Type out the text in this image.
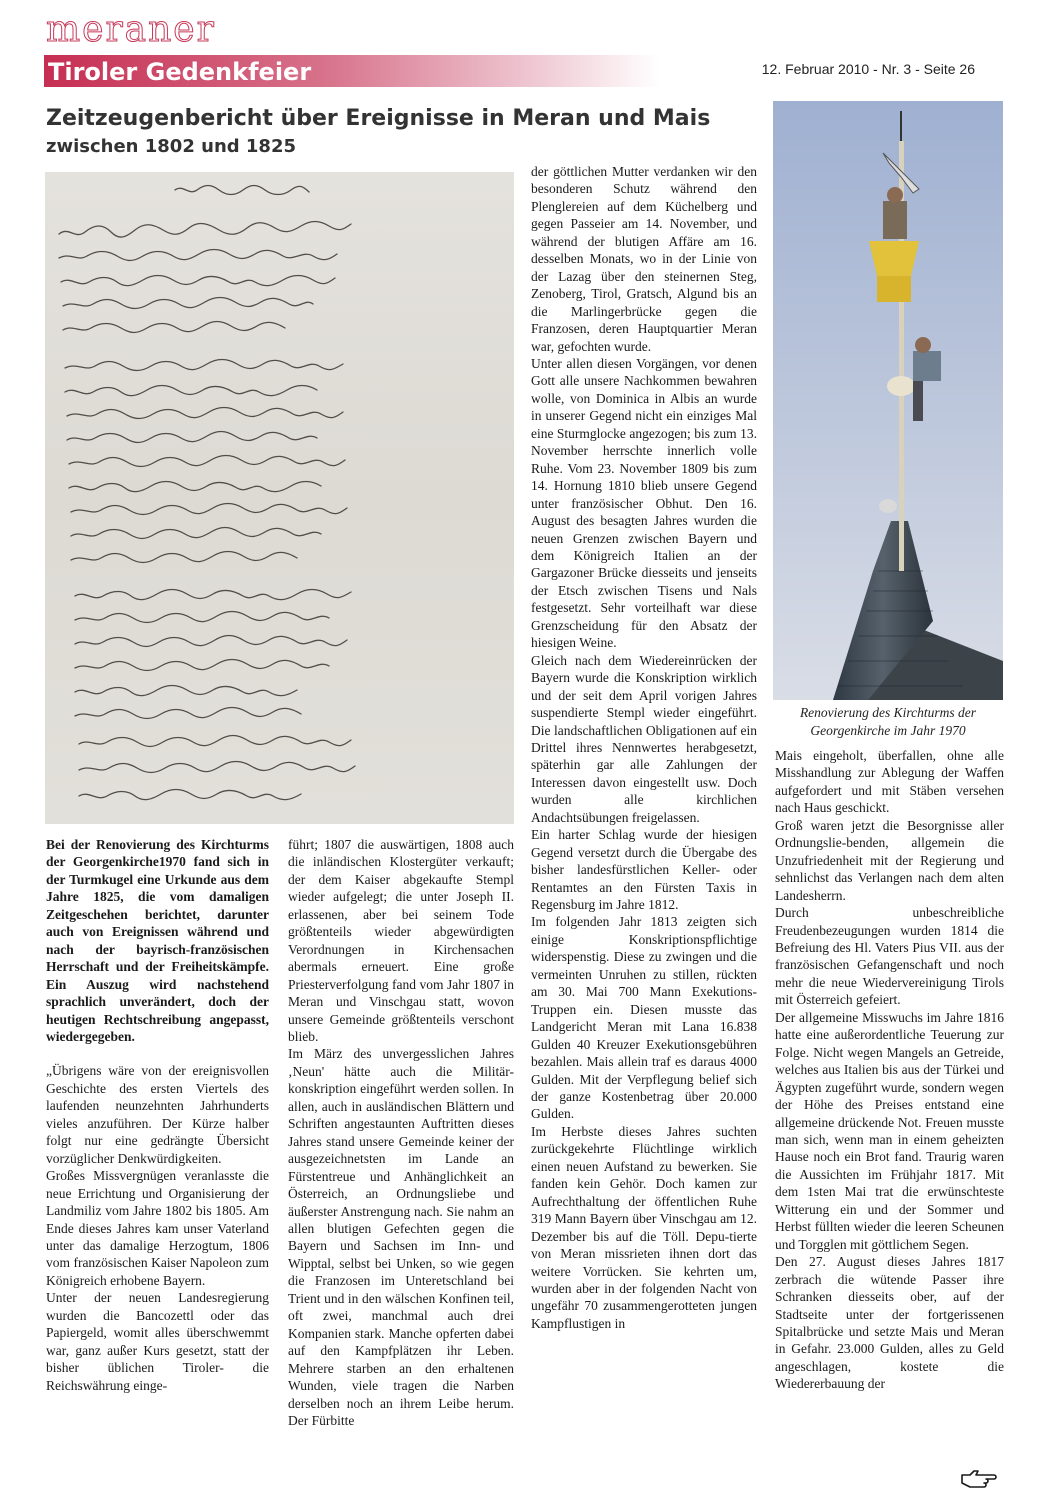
meraner
Tiroler Gedenkfeier	12. Februar 2010 - Nr. 3 - Seite 26
Zeitzeugenbericht über Ereignisse in Meran und Mais
zwischen 1802 und 1825
Renovierung des Kirchturms der
Georgenkirche im Jahr 1970

Bei der Renovierung des Kirchturms der Georgenkirche1970 fand sich in der Turmkugel eine Urkunde aus dem Jahre 1825, die vom damaligen Zeitgeschehen berichtet, darunter auch von Ereignissen während und nach der bayrisch-französischen Herrschaft und der Freiheitskämpfe. Ein Auszug wird nachstehend sprachlich unverändert, doch der heutigen Rechtschreibung angepasst, wiedergegeben.

„Übrigens wäre von der ereignisvollen Geschichte des ersten Viertels des laufenden neunzehnten Jahrhunderts vieles anzuführen. Der Kürze halber folgt nur eine gedrängte Übersicht vorzüglicher Denkwürdigkeiten.

Großes Missvergnügen veranlasste die neue Errichtung und Organisierung der Landmiliz vom Jahre 1802 bis 1805. Am Ende dieses Jahres kam unser Vaterland unter das damalige Herzogtum, 1806 vom französischen Kaiser Napoleon zum Königreich erhobene Bayern.

Unter der neuen Landesregierung wurden die Bancozettl oder das Papiergeld, womit alles überschwemmt war, ganz außer Kurs gesetzt, statt der bisher üblichen Tiroler- die Reichswährung einge-

führt; 1807 die auswärtigen, 1808 auch die inländischen Klostergüter verkauft; der dem Kaiser abgekaufte Stempl wieder aufgelegt; die unter Joseph II. erlassenen, aber bei seinem Tode größtenteils wieder abgewürdigten Verordnungen in Kirchensachen abermals erneuert. Eine große Priesterverfolgung fand vom Jahr 1807 in Meran und Vinschgau statt, wovon unsere Gemeinde größtenteils verschont blieb.

Im März des unvergesslichen Jahres ‚Neun' hätte auch die Militär-konskription eingeführt werden sollen. In allen, auch in ausländischen Blättern und Schriften angestaunten Auftritten dieses Jahres stand unsere Gemeinde keiner der ausgezeichnetsten im Lande an Fürstentreue und Anhänglichkeit an Österreich, an Ordnungsliebe und äußerster Anstrengung nach. Sie nahm an allen blutigen Gefechten gegen die Bayern und Sachsen im Inn- und Wipptal, selbst bei Unken, so wie gegen die Franzosen im Unteretschland bei Trient und in den wälschen Konfinen teil, oft zwei, manchmal auch drei Kompanien stark. Manche opferten dabei auf den Kampfplätzen ihr Leben. Mehrere starben an den erhaltenen Wunden, viele tragen die Narben derselben noch an ihrem Leibe herum. Der Fürbitte

der göttlichen Mutter verdanken wir den besonderen Schutz während den Plenglereien auf dem Küchelberg und gegen Passeier am 14. November, und während der blutigen Affäre am 16. desselben Monats, wo in der Linie von der Lazag über den steinernen Steg, Zenoberg, Tirol, Gratsch, Algund bis an die Marlingerbrücke gegen die Franzosen, deren Hauptquartier Meran war, gefochten wurde.

Unter allen diesen Vorgängen, vor denen Gott alle unsere Nachkommen bewahren wolle, von Dominica in Albis an wurde in unserer Gegend nicht ein einziges Mal eine Sturmglocke angezogen; bis zum 13. November herrschte innerlich volle Ruhe. Vom 23. November 1809 bis zum 14. Hornung 1810 blieb unsere Gegend unter französischer Obhut. Den 16. August des besagten Jahres wurden die neuen Grenzen zwischen Bayern und dem Königreich Italien an der Gargazoner Brücke diesseits und jenseits der Etsch zwischen Tisens und Nals festgesetzt. Sehr vorteilhaft war diese Grenzscheidung für den Absatz der hiesigen Weine.

Gleich nach dem Wiedereinrücken der Bayern wurde die Konskription wirklich und der seit dem April vorigen Jahres suspendierte Stempl wieder eingeführt. Die landschaftlichen Obligationen auf ein Drittel ihres Nennwertes herabgesetzt, späterhin gar alle Zahlungen der Interessen davon eingestellt usw. Doch wurden alle kirchlichen Andachtsübungen freigelassen.

Ein harter Schlag wurde der hiesigen Gegend versetzt durch die Übergabe des bisher landesfürstlichen Keller- oder Rentamtes an den Fürsten Taxis in Regensburg im Jahre 1812.

Im folgenden Jahr 1813 zeigten sich einige Konskriptionspflichtige widerspenstig. Diese zu zwingen und die vermeinten Unruhen zu stillen, rückten am 30. Mai 700 Mann Exekutions-Truppen ein. Diesen musste das Landgericht Meran mit Lana 16.838 Gulden 40 Kreuzer Exekutionsgebühren bezahlen. Mais allein traf es daraus 4000 Gulden. Mit der Verpflegung belief sich der ganze Kostenbetrag über 20.000 Gulden.

Im Herbste dieses Jahres suchten zurückgekehrte Flüchtlinge wirklich einen neuen Aufstand zu bewerken. Sie fanden kein Gehör. Doch kamen zur Aufrechthaltung der öffentlichen Ruhe 319 Mann Bayern über Vinschgau am 12. Dezember bis auf die Töll. Depu-tierte von Meran missrieten ihnen dort das weitere Vorrücken. Sie kehrten um, wurden aber in der folgenden Nacht von ungefähr 70 zusammengerotteten jungen Kampflustigen in

Mais eingeholt, überfallen, ohne alle Misshandlung zur Ablegung der Waffen aufgefordert und mit Stäben versehen nach Haus geschickt.

Groß waren jetzt die Besorgnisse aller Ordnungslie-benden, allgemein die Unzufriedenheit mit der Regierung und sehnlichst das Verlangen nach dem alten Landesherrn.

Durch unbeschreibliche Freudenbezeugungen wurden 1814 die Befreiung des Hl. Vaters Pius VII. aus der französischen Gefangenschaft und noch mehr die neue Wiedervereinigung Tirols mit Österreich gefeiert.

Der allgemeine Misswuchs im Jahre 1816 hatte eine außerordentliche Teuerung zur Folge. Nicht wegen Mangels an Getreide, welches aus Italien bis aus der Türkei und Ägypten zugeführt wurde, sondern wegen der Höhe des Preises entstand eine allgemeine drückende Not. Freuen musste man sich, wenn man in einem geheizten Hause noch ein Brot fand. Traurig waren die Aussichten im Frühjahr 1817. Mit dem 1sten Mai trat die erwünschteste Witterung ein und der Sommer und Herbst füllten wieder die leeren Scheunen und Torgglen mit göttlichem Segen.

Den 27. August dieses Jahres 1817 zerbrach die wütende Passer ihre Schranken diesseits ober, auf der Stadtseite unter der fortgerissenen Spitalbrücke und setzte Mais und Meran in Gefahr. 23.000 Gulden, alles zu Geld angeschlagen, kostete die Wiedererbauung der
